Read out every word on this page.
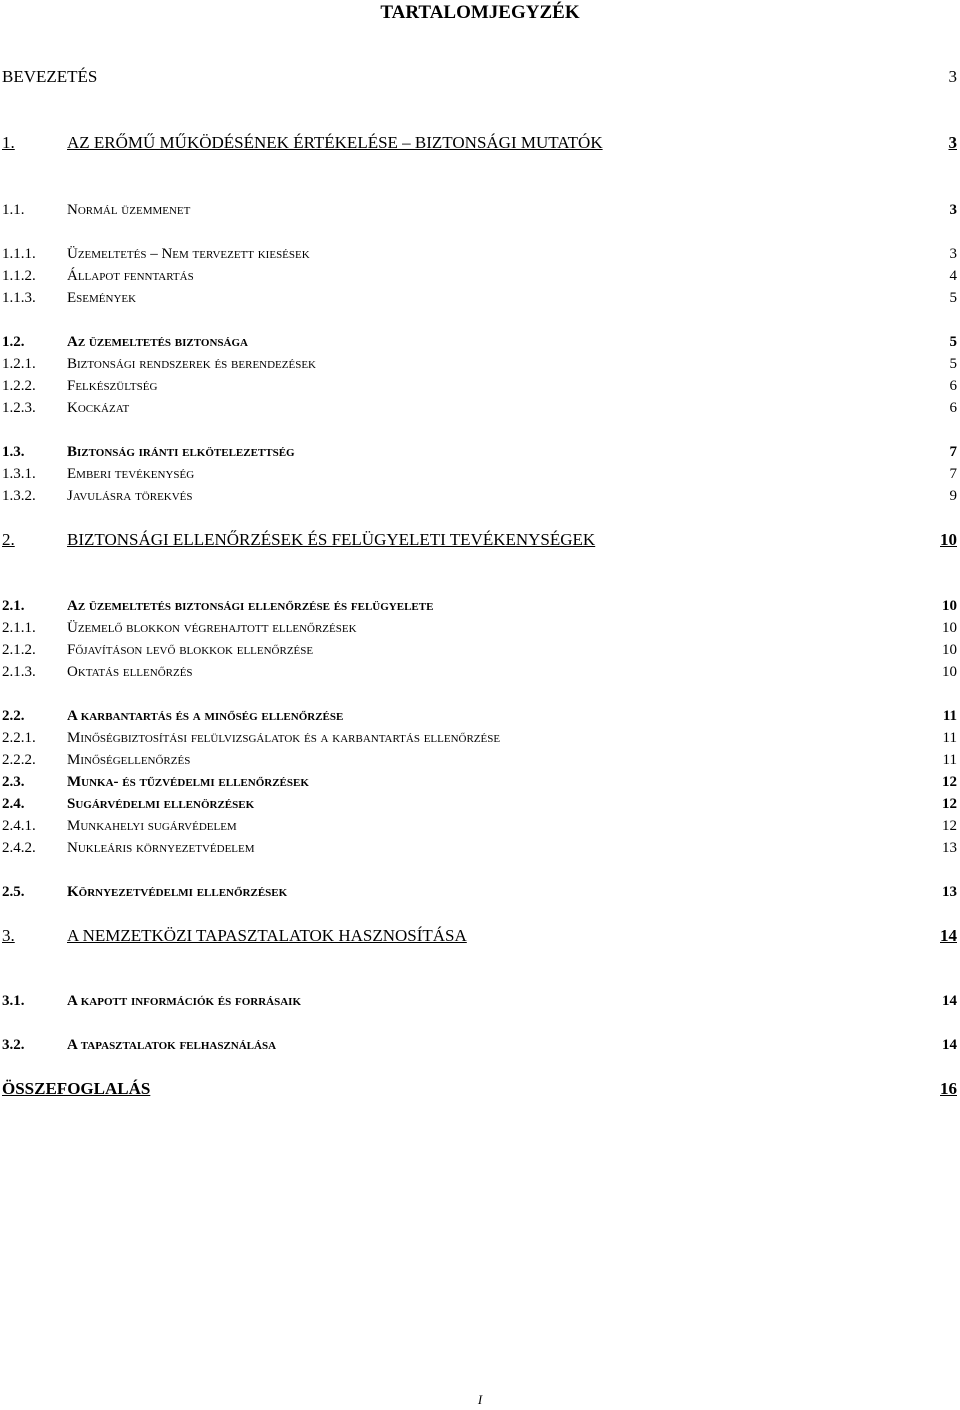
TARTALOMJEGYZÉK
BEVEZETÉS	3
1.	AZ ERŐMŰ MŰKÖDÉSÉNEK ÉRTÉKELÉSE – BIZTONSÁGI MUTATÓK	3
1.1.	Normál üzemmenet	3
1.1.1. Üzemeltetés – Nem tervezett kiesések	3
1.1.2. Állapot fenntartás	4
1.1.3. Események	5
1.2.	Az üzemeltetés biztonsága	5
1.2.1. Biztonsági rendszerek és berendezések	5
1.2.2. Felkészültség	6
1.2.3. Kockázat	6
1.3.	Biztonság iránti elkötelezettség	7
1.3.1. Emberi tevékenység	7
1.3.2. Javulásra törekvés	9
2.	BIZTONSÁGI ELLENŐRZÉSEK ÉS FELÜGYELETI TEVÉKENYSÉGEK	10
2.1.	Az üzemeltetés biztonsági ellenőrzése és felügyelete	10
2.1.1. Üzemelő blokkon végrehajtott ellenőrzések	10
2.1.2. Főjavításon levő blokkok ellenőrzése	10
2.1.3. Oktatás ellenőrzés	10
2.2.	A karbantartás és a minőség ellenőrzése	11
2.2.1. Minőségbiztosítási felülvizsgálatok és a karbantartás ellenőrzése	11
2.2.2. Minőségellenőrzés	11
2.3.	Munka- és tűzvédelmi ellenőrzések	12
2.4.	Sugárvédelmi ellenörzések	12
2.4.1. Munkahelyi sugárvédelem	12
2.4.2. Nukleáris környezetvédelem	13
2.5.	Környezetvédelmi ellenőrzések	13
3.	A NEMZETKÖZI TAPASZTALATOK HASZNOSÍTÁSA	14
3.1.	A kapott információk és forrásaik	14
3.2.	A tapasztalatok felhasználása	14
ÖSSZEFOGLALÁS	16
I
